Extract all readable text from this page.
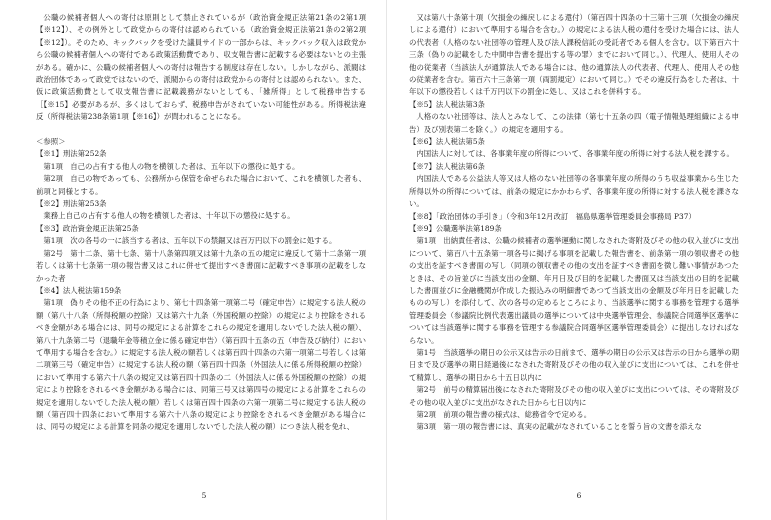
公職の候補者個人への寄付は原則として禁止されているが（政治資金規正法第21条の2第1項【※12】）、その例外として政党からの寄付は認められている（政治資金規正法第21条の2第2項【※12】）。そのため、キックバックを受けた議員サイドの一部からは、キックバック収入は政党から公職の候補者個人への寄付である政策活動費であり、収支報告書に記載する必要はないとの主張がある。確かに、公職の候補者個人への寄付は報告する制度は存在しない。しかしながら、派閥は政治団体であって政党ではないので、派閥からの寄付は政党からの寄付とは認められない。また、仮に政策活動費として収支報告書に記載義務がないとしても、「雑所得」として税務申告する［【※15】必要があるが、多くはしておらず、税務申告がされていない可能性がある。所得税法違反（所得税法第238条第1項【※16】）が問われることになる。

＜参照＞

【※1】刑法第252条

第1項　自己の占有する他人の物を横領した者は、五年以下の懲役に処する。

第2項　自己の物であっても、公務所から保管を命ぜられた場合において、これを横領した者も、前項と同様とする。

【※2】刑法第253条

業務上自己の占有する他人の物を横領した者は、十年以下の懲役に処する。

【※3】政治資金規正法第25条

第1項　次の各号の一に該当する者は、五年以下の禁錮又は百万円以下の罰金に処する。

第2号　第十二条、第十七条、第十八条第四項又は第十九条の五の規定に違反して第十二条第一項若しくは第十七条第一項の報告書又はこれに併せて提出すべき書面に記載すべき事項の記載をしなかった者

【※4】法人税法第159条

第1項　偽りその他不正の行為により、第七十四条第一項第二号（確定申告）に規定する法人税の額（第八十八条（所得税額の控除）又は第六十九条（外国税額の控除）の規定により控除をされるべき金額がある場合には、同号の規定による計算をこれらの規定を適用しないでした法人税の額）、第八十九条第二号（退職年金等積立金に係る確定申告）（第百四十五条の五（申告及び納付）において準用する場合を含む。）に規定する法人税の額若しくは第百四十四条の六第一項第二号若しくは第二項第三号（確定申告）に規定する法人税の額（第百四十四条（外国法人に係る所得税額の控除）において準用する第六十八条の規定又は第百四十四条の二（外国法人に係る外国税額の控除）の規定により控除をされるべき金額がある場合には、同第三号又は第四号の規定による計算をこれらの規定を適用しないでした法人税の額）若しくは第百四十四条の六第一項第二号に規定する法人税の額（第百四十四条において準用する第六十八条の規定により控除をされるべき金額がある場合には、同号の規定による計算を同条の規定を適用しないでした法人税の額）につき法人税を免れ、

5

又は第八十条第十項（欠損金の繰戻しによる還付）（第百四十四条の十三第十三項（欠損金の繰戻しによる還付）において準用する場合を含む。）の規定による法人税の還付を受けた場合には、法人の代表者（人格のない社団等の管理人及び法人課税信託の受託者である個人を含む。以下第百六十三条（偽りの記載をした中間申告書を提出する等の罪）までにおいて同じ。）、代理人、使用人その他の従業者（当該法人が通算法人である場合には、他の通算法人の代表者、代理人、使用人その他の従業者を含む。第百六十三条第一項（両罰規定）において同じ。）でその違反行為をした者は、十年以下の懲役若しくは千万円以下の罰金に処し、又はこれを併科する。

【※5】法人税法第3条

人格のない社団等は、法人とみなして、この法律（第七十五条の四（電子情報処理組織による申告）及び別表第二を除く。）の規定を適用する。

【※6】法人税法第5条

内国法人に対しては、各事業年度の所得について、各事業年度の所得に対する法人税を課する。

【※7】法人税法第6条

内国法人である公益法人等又は人格のない社団等の各事業年度の所得のうち収益事業から生じた所得以外の所得については、前条の規定にかかわらず、各事業年度の所得に対する法人税を課さない。

【※8】「政治団体の手引き」（令和3年12月改訂　福島県選挙管理委員会事務局 P37）

【※9】公職選挙法第189条

第1項　出納責任者は、公職の候補者の選挙運動に関しなされた寄附及びその他の収入並びに支出について、第百八十五条第一項各号に掲げる事項を記載した報告書を、前条第一項の領収書その他の支出を証すべき書面の写し（同項の領収書その他の支出を証すべき書面を徴し難い事情があつたときは、その旨並びに当該支出の金額、年月日及び目的を記載した書面又は当該支出の目的を記載した書面並びに金融機関が作成した振込みの明細書であつて当該支出の金額及び年月日を記載したものの写し）を添付して、次の各号の定めるところにより、当該選挙に関する事務を管理する選挙管理委員会（参議院比例代表選出議員の選挙については中央選挙管理会、参議院合同選挙区選挙については当該選挙に関する事務を管理する参議院合同選挙区選挙管理委員会）に提出しなければならない。

第1号　当該選挙の期日の公示又は告示の日前まで、選挙の期日の公示又は告示の日から選挙の期日まで及び選挙の期日経過後になされた寄附及びその他の収入並びに支出については、これを併せて精算し、選挙の期日から十五日以内に

第2号　前号の精算届出後になされた寄附及びその他の収入並びに支出については、その寄附及びその他の収入並びに支出がなされた日から七日以内に

第2項　前項の報告書の様式は、総務省令で定める。

第3項　第一項の報告書には、真実の記載がなされていることを誓う旨の文書を添えな

6
